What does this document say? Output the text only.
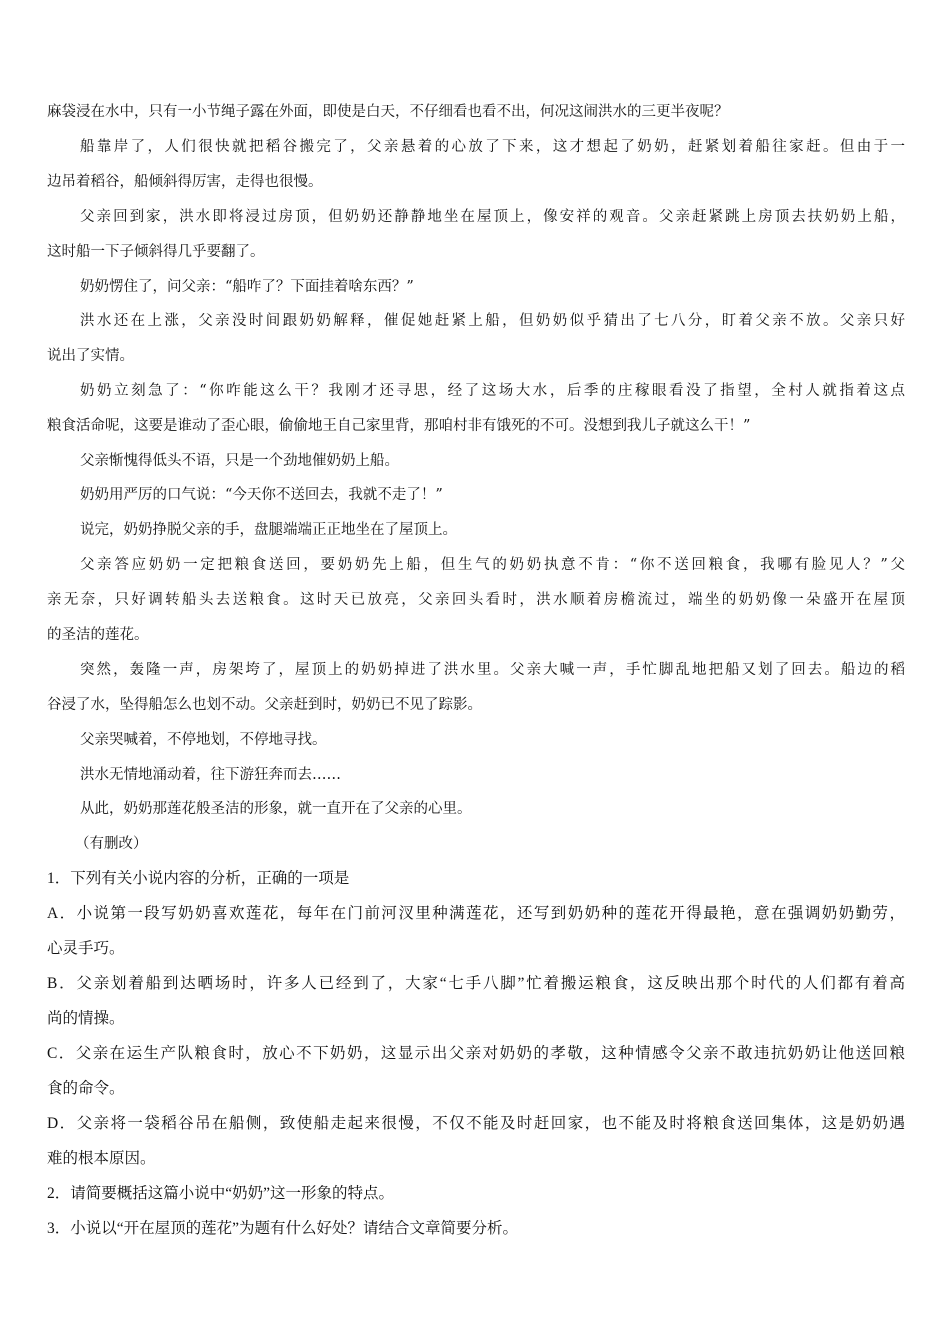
麻袋浸在水中，只有一小节绳子露在外面，即使是白天，不仔细看也看不出，何况这闹洪水的三更半夜呢？
船靠岸了，人们很快就把稻谷搬完了，父亲悬着的心放了下来，这才想起了奶奶，赶紧划着船往家赶。但由于一
边吊着稻谷，船倾斜得厉害，走得也很慢。
父亲回到家，洪水即将浸过房顶，但奶奶还静静地坐在屋顶上，像安祥的观音。父亲赶紧跳上房顶去扶奶奶上船，
这时船一下子倾斜得几乎要翻了。
奶奶愣住了，问父亲：“船咋了？下面挂着啥东西？”
洪水还在上涨，父亲没时间跟奶奶解释，催促她赶紧上船，但奶奶似乎猜出了七八分，盯着父亲不放。父亲只好
说出了实情。
奶奶立刻急了：“你咋能这么干？我刚才还寻思，经了这场大水，后季的庄稼眼看没了指望，全村人就指着这点
粮食活命呢，这要是谁动了歪心眼，偷偷地王自己家里背，那咱村非有饿死的不可。没想到我儿子就这么干！”
父亲惭愧得低头不语，只是一个劲地催奶奶上船。
奶奶用严厉的口气说：“今天你不送回去，我就不走了！”
说完，奶奶挣脱父亲的手，盘腿端端正正地坐在了屋顶上。
父亲答应奶奶一定把粮食送回，要奶奶先上船，但生气的奶奶执意不肯：“你不送回粮食，我哪有脸见人？”父
亲无奈，只好调转船头去送粮食。这时天已放亮，父亲回头看时，洪水顺着房檐流过，端坐的奶奶像一朵盛开在屋顶
的圣洁的莲花。
突然，轰隆一声，房架垮了，屋顶上的奶奶掉进了洪水里。父亲大喊一声，手忙脚乱地把船又划了回去。船边的稻
谷浸了水，坠得船怎么也划不动。父亲赶到时，奶奶已不见了踪影。
父亲哭喊着，不停地划，不停地寻找。
洪水无情地涌动着，往下游狂奔而去……
从此，奶奶那莲花般圣洁的形象，就一直开在了父亲的心里。
（有删改）
1．下列有关小说内容的分析，正确的一项是
A．小说第一段写奶奶喜欢莲花，每年在门前河汊里种满莲花，还写到奶奶种的莲花开得最艳，意在强调奶奶勤劳，
心灵手巧。
B．父亲划着船到达晒场时，许多人已经到了，大家“七手八脚”忙着搬运粮食，这反映出那个时代的人们都有着高
尚的情操。
C．父亲在运生产队粮食时，放心不下奶奶，这显示出父亲对奶奶的孝敬，这种情感令父亲不敢违抗奶奶让他送回粮
食的命令。
D．父亲将一袋稻谷吊在船侧，致使船走起来很慢，不仅不能及时赶回家，也不能及时将粮食送回集体，这是奶奶遇
难的根本原因。
2．请简要概括这篇小说中“奶奶”这一形象的特点。
3．小说以“开在屋顶的莲花”为题有什么好处？请结合文章简要分析。
